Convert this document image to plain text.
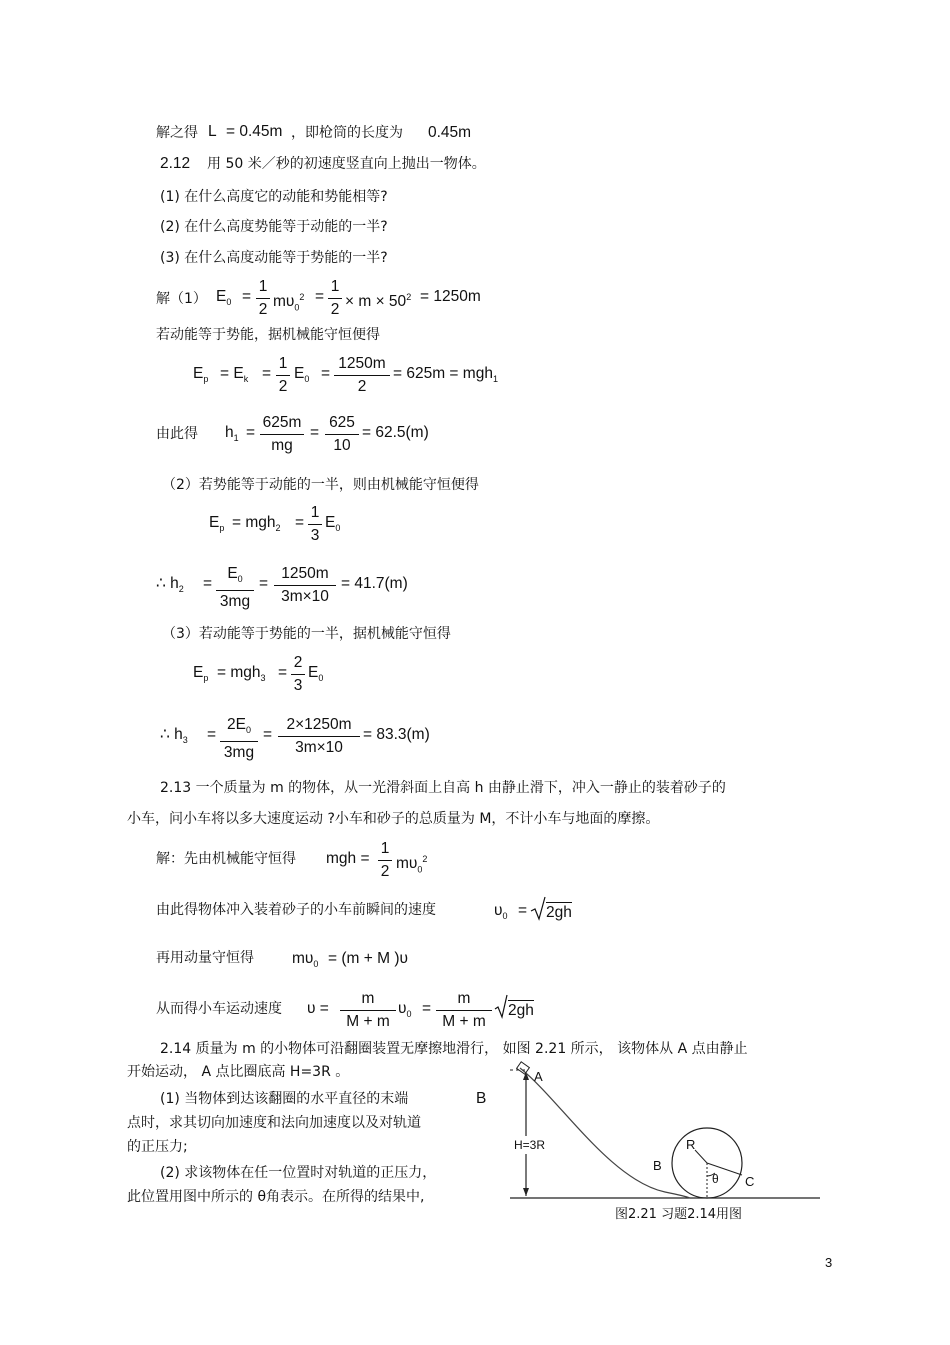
解之得 L = 0.45m ，即枪筒的长度为 0.45m
2.12 用 50 米／秒的初速度竖直向上抛出一物体。
(1) 在什么高度它的动能和势能相等?
(2) 在什么高度势能等于动能的一半?
(3) 在什么高度动能等于势能的一半?
解（1） $E_0 = \frac{1}{2} m\upsilon_0^2 = \frac{1}{2} \times m \times 50^2 = 1250m$
若动能等于势能，据机械能守恒便得
$E_p = E_k = \frac{1}{2} E_0 = \frac{1250m}{2} = 625m = mgh_1$
由此得 $h_1 = \frac{625m}{mg} = \frac{625}{10} = 62.5(m)$
（2）若势能等于动能的一半，则由机械能守恒便得
$E_p = mgh_2 = \frac{1}{3} E_0$
∴ $h_2 = \frac{E_0}{3mg} = \frac{1250m}{3m\times 10} = 41.7(m)$
（3）若动能等于势能的一半，据机械能守恒得
$E_p = mgh_3 = \frac{2}{3} E_0$
∴ $h_3 = \frac{2E_0}{3mg} = \frac{2\times 1250m}{3m\times 10} = 83.3(m)$
2.13 一个质量为 m 的物体，从一光滑斜面上自高 h 由静止滑下，冲入一静止的装着砂子的
小车，问小车将以多大速度运动 ?小车和砂子的总质量为 M，不计小车与地面的摩擦。
解：先由机械能守恒得 mgh = $\frac{1}{2} m\upsilon_0^2$
由此得物体冲入装着砂子的小车前瞬间的速度	$\upsilon_0 = 2gh$
再用动量守恒得 $m\upsilon_0 = (m + M$ )υ
从而得小车运动速度 $\upsilon = \frac{m}{M + m} \upsilon_0 = \frac{m}{M + m} 2gh$
2.14 质量为 m 的小物体可沿翻圈装置无摩擦地滑行， 如图 2.21 所示， 该物体从 A 点由静止
开始运动， A 点比圈底高 H=3R 。
(1) 当物体到达该翻圈的水平直径的末端	B
点时，求其切向加速度和法向加速度以及对轨道
的正压力;
(2) 求该物体在任一位置时对轨道的正压力，
此位置用图中所示的 θ角表示。在所得的结果中,
A
H=3R	R
B
C
θ
图2.21 习题2.14用图
3
